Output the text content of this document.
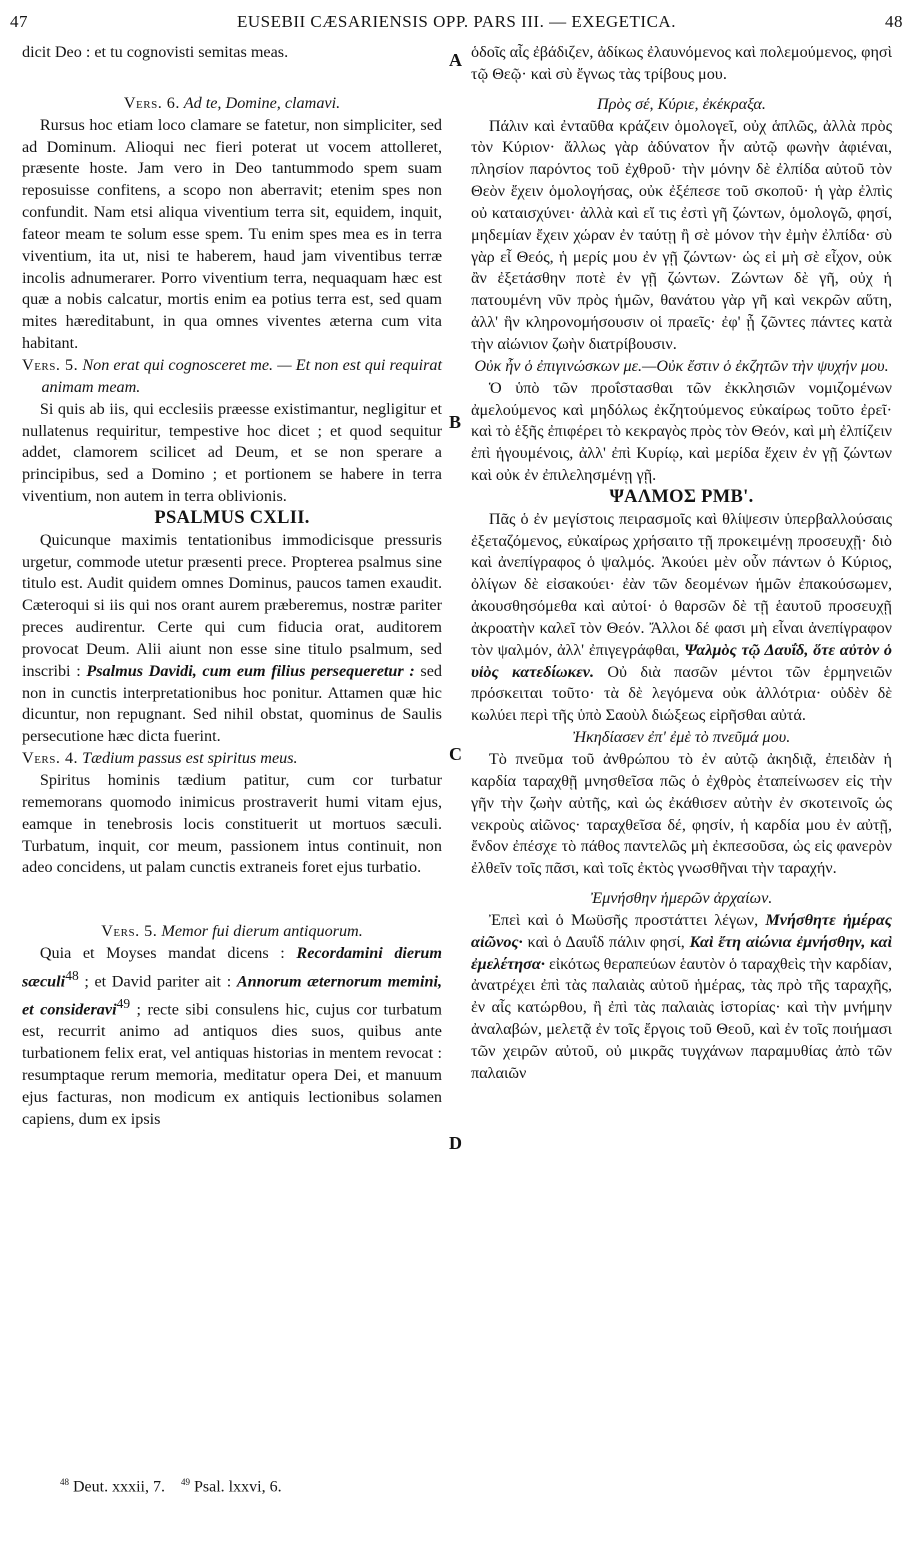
47	EUSEBII CÆSARIENSIS OPP. PARS III. — EXEGETICA.	48
A
B
C
D

dicit Deo : et tu cognovisti semitas meas.

Vers. 6. Ad te, Domine, clamavi.

Rursus hoc etiam loco clamare se fatetur, non simpliciter, sed ad Dominum. Alioqui nec fieri poterat ut vocem attolleret, præsente hoste. Jam vero in Deo tantummodo spem suam reposuisse confitens, a scopo non aberravit; etenim spes non confundit. Nam etsi aliqua viventium terra sit, equidem, inquit, fateor meam te solum esse spem. Tu enim spes mea es in terra viventium, ita ut, nisi te haberem, haud jam viventibus terræ incolis adnumerarer. Porro viventium terra, nequaquam hæc est quæ a nobis calcatur, mortis enim ea potius terra est, sed quam mites hæreditabunt, in qua omnes viventes æterna cum vita habitant.

Vers. 5. Non erat qui cognosceret me. — Et non est qui requirat animam meam.

Si quis ab iis, qui ecclesiis præesse existimantur, negligitur et nullatenus requiritur, tempestive hoc dicet ; et quod sequitur addet, clamorem scilicet ad Deum, et se non sperare a principibus, sed a Domino ; et portionem se habere in terra viventium, non autem in terra oblivionis.

PSALMUS CXLII.

Quicunque maximis tentationibus immodicisque pressuris urgetur, commode utetur præsenti prece. Propterea psalmus sine titulo est. Audit quidem omnes Dominus, paucos tamen exaudit. Cæteroqui si iis qui nos orant aurem præberemus, nostræ pariter preces audirentur. Certe qui cum fiducia orat, auditorem provocat Deum. Alii aiunt non esse sine titulo psalmum, sed inscribi : Psalmus Davidi, cum eum filius persequeretur : sed non in cunctis interpretationibus hoc ponitur. Attamen quæ hic dicuntur, non repugnant. Sed nihil obstat, quominus de Saulis persecutione hæc dicta fuerint.

Vers. 4. Tædium passus est spiritus meus.

Spiritus hominis tædium patitur, cum cor turbatur rememorans quomodo inimicus prostraverit humi vitam ejus, eamque in tenebrosis locis constituerit ut mortuos sæculi. Turbatum, inquit, cor meum, passionem intus continuit, non adeo concidens, ut palam cunctis extraneis foret ejus turbatio.

Vers. 5. Memor fui dierum antiquorum.

Quia et Moyses mandat dicens : Recordamini dierum sæculi$^{48}$ ; et David pariter ait : Annorum æternorum memini, et consideravi$^{49}$ ; recte sibi consulens hic, cujus cor turbatum est, recurrit animo ad antiquos dies suos, quibus ante turbationem felix erat, vel antiquas historias in mentem revocat : resumptaque rerum memoria, meditatur opera Dei, et manuum ejus facturas, non modicum ex antiquis lectionibus solamen capiens, dum ex ipsis

ὁδοῖς αἷς ἐβάδιζεν, ἀδίκως ἐλαυνόμενος καὶ πολεμούμενος, φησὶ τῷ Θεῷ· καὶ σὺ ἔγνως τὰς τρίβους μου.

Πρὸς σέ, Κύριε, ἐκέκραξα.

Πάλιν καὶ ἐνταῦθα κράζειν ὁμολογεῖ, οὐχ ἁπλῶς, ἀλλὰ πρὸς τὸν Κύριον· ἄλλως γὰρ ἀδύνατον ἦν αὐτῷ φωνὴν ἀφιέναι, πλησίον παρόντος τοῦ ἐχθροῦ· τὴν μόνην δὲ ἐλπίδα αὐτοῦ τὸν Θεὸν ἔχειν ὁμολογήσας, οὐκ ἐξέπεσε τοῦ σκοποῦ· ἡ γὰρ ἐλπὶς οὐ καταισχύνει· ἀλλὰ καὶ εἴ τις ἐστὶ γῆ ζώντων, ὁμολογῶ, φησί, μηδεμίαν ἔχειν χώραν ἐν ταύτῃ ἢ σὲ μόνον τὴν ἐμὴν ἐλπίδα· σὺ γὰρ εἶ Θεός, ἡ μερίς μου ἐν γῇ ζώντων· ὡς εἰ μὴ σὲ εἶχον, οὐκ ἂν ἐξετάσθην ποτὲ ἐν γῇ ζώντων. Ζώντων δὲ γῆ, οὐχ ἡ πατουμένη νῦν πρὸς ἡμῶν, θανάτου γὰρ γῆ καὶ νεκρῶν αὕτη, ἀλλ' ἣν κληρονομήσουσιν οἱ πραεῖς· ἐφ' ᾗ ζῶντες πάντες κατὰ τὴν αἰώνιον ζωὴν διατρίβουσιν.

Οὐκ ἦν ὁ ἐπιγινώσκων με.—Οὐκ ἔστιν ὁ ἐκζητῶν τὴν ψυχήν μου.

Ὁ ὑπὸ τῶν προΐστασθαι τῶν ἐκκλησιῶν νομιζομένων ἀμελούμενος καὶ μηδόλως ἐκζητούμενος εὐκαίρως τοῦτο ἐρεῖ· καὶ τὸ ἑξῆς ἐπιφέρει τὸ κεκραγὸς πρὸς τὸν Θεόν, καὶ μὴ ἐλπίζειν ἐπὶ ἡγουμένοις, ἀλλ' ἐπὶ Κυρίῳ, καὶ μερίδα ἔχειν ἐν γῇ ζώντων καὶ οὐκ ἐν ἐπιλελησμένῃ γῇ.

ΨΑΛΜΟΣ ΡΜΒ'.

Πᾶς ὁ ἐν μεγίστοις πειρασμοῖς καὶ θλίψεσιν ὑπερβαλλούσαις ἐξεταζόμενος, εὐκαίρως χρήσαιτο τῇ προκειμένῃ προσευχῇ· διὸ καὶ ἀνεπίγραφος ὁ ψαλμός. Ἀκούει μὲν οὖν πάντων ὁ Κύριος, ὀλίγων δὲ εἰσακούει· ἐὰν τῶν δεομένων ἡμῶν ἐπακούσωμεν, ἀκουσθησόμεθα καὶ αὐτοί· ὁ θαρσῶν δὲ τῇ ἑαυτοῦ προσευχῇ ἀκροατὴν καλεῖ τὸν Θεόν. Ἄλλοι δέ φασι μὴ εἶναι ἀνεπίγραφον τὸν ψαλμόν, ἀλλ' ἐπιγεγράφθαι, Ψαλμὸς τῷ Δαυΐδ, ὅτε αὐτὸν ὁ υἱὸς κατεδίωκεν. Οὐ διὰ πασῶν μέντοι τῶν ἑρμηνειῶν πρόσκειται τοῦτο· τὰ δὲ λεγόμενα οὐκ ἀλλότρια· οὐδὲν δὲ κωλύει περὶ τῆς ὑπὸ Σαοὺλ διώξεως εἰρῆσθαι αὐτά.

Ἠκηδίασεν ἐπ' ἐμὲ τὸ πνεῦμά μου.

Τὸ πνεῦμα τοῦ ἀνθρώπου τὸ ἐν αὐτῷ ἀκηδιᾷ, ἐπειδὰν ἡ καρδία ταραχθῇ μνησθεῖσα πῶς ὁ ἐχθρὸς ἐταπείνωσεν εἰς τὴν γῆν τὴν ζωὴν αὐτῆς, καὶ ὡς ἐκάθισεν αὐτὴν ἐν σκοτεινοῖς ὡς νεκροὺς αἰῶνος· ταραχθεῖσα δέ, φησίν, ἡ καρδία μου ἐν αὐτῇ, ἔνδον ἐπέσχε τὸ πάθος παντελῶς μὴ ἐκπεσοῦσα, ὡς εἰς φανερὸν ἐλθεῖν τοῖς πᾶσι, καὶ τοῖς ἐκτὸς γνωσθῆναι τὴν ταραχήν.

Ἐμνήσθην ἡμερῶν ἀρχαίων.

Ἐπεὶ καὶ ὁ Μωϋσῆς προστάττει λέγων, Μνήσθητε ἡμέρας αἰῶνος· καὶ ὁ Δαυΐδ πάλιν φησί, Καὶ ἔτη αἰώνια ἐμνήσθην, καὶ ἐμελέτησα· εἰκότως θεραπεύων ἑαυτὸν ὁ ταραχθεὶς τὴν καρδίαν, ἀνατρέχει ἐπὶ τὰς παλαιὰς αὐτοῦ ἡμέρας, τὰς πρὸ τῆς ταραχῆς, ἐν αἷς κατώρθου, ἢ ἐπὶ τὰς παλαιὰς ἱστορίας· καὶ τὴν μνήμην ἀναλαβών, μελετᾷ ἐν τοῖς ἔργοις τοῦ Θεοῦ, καὶ ἐν τοῖς ποιήμασι τῶν χειρῶν αὐτοῦ, οὐ μικρᾶς τυγχάνων παραμυθίας ἀπὸ τῶν παλαιῶν

$^{48}$ Deut. xxxii, 7. $^{49}$ Psal. lxxvi, 6.
